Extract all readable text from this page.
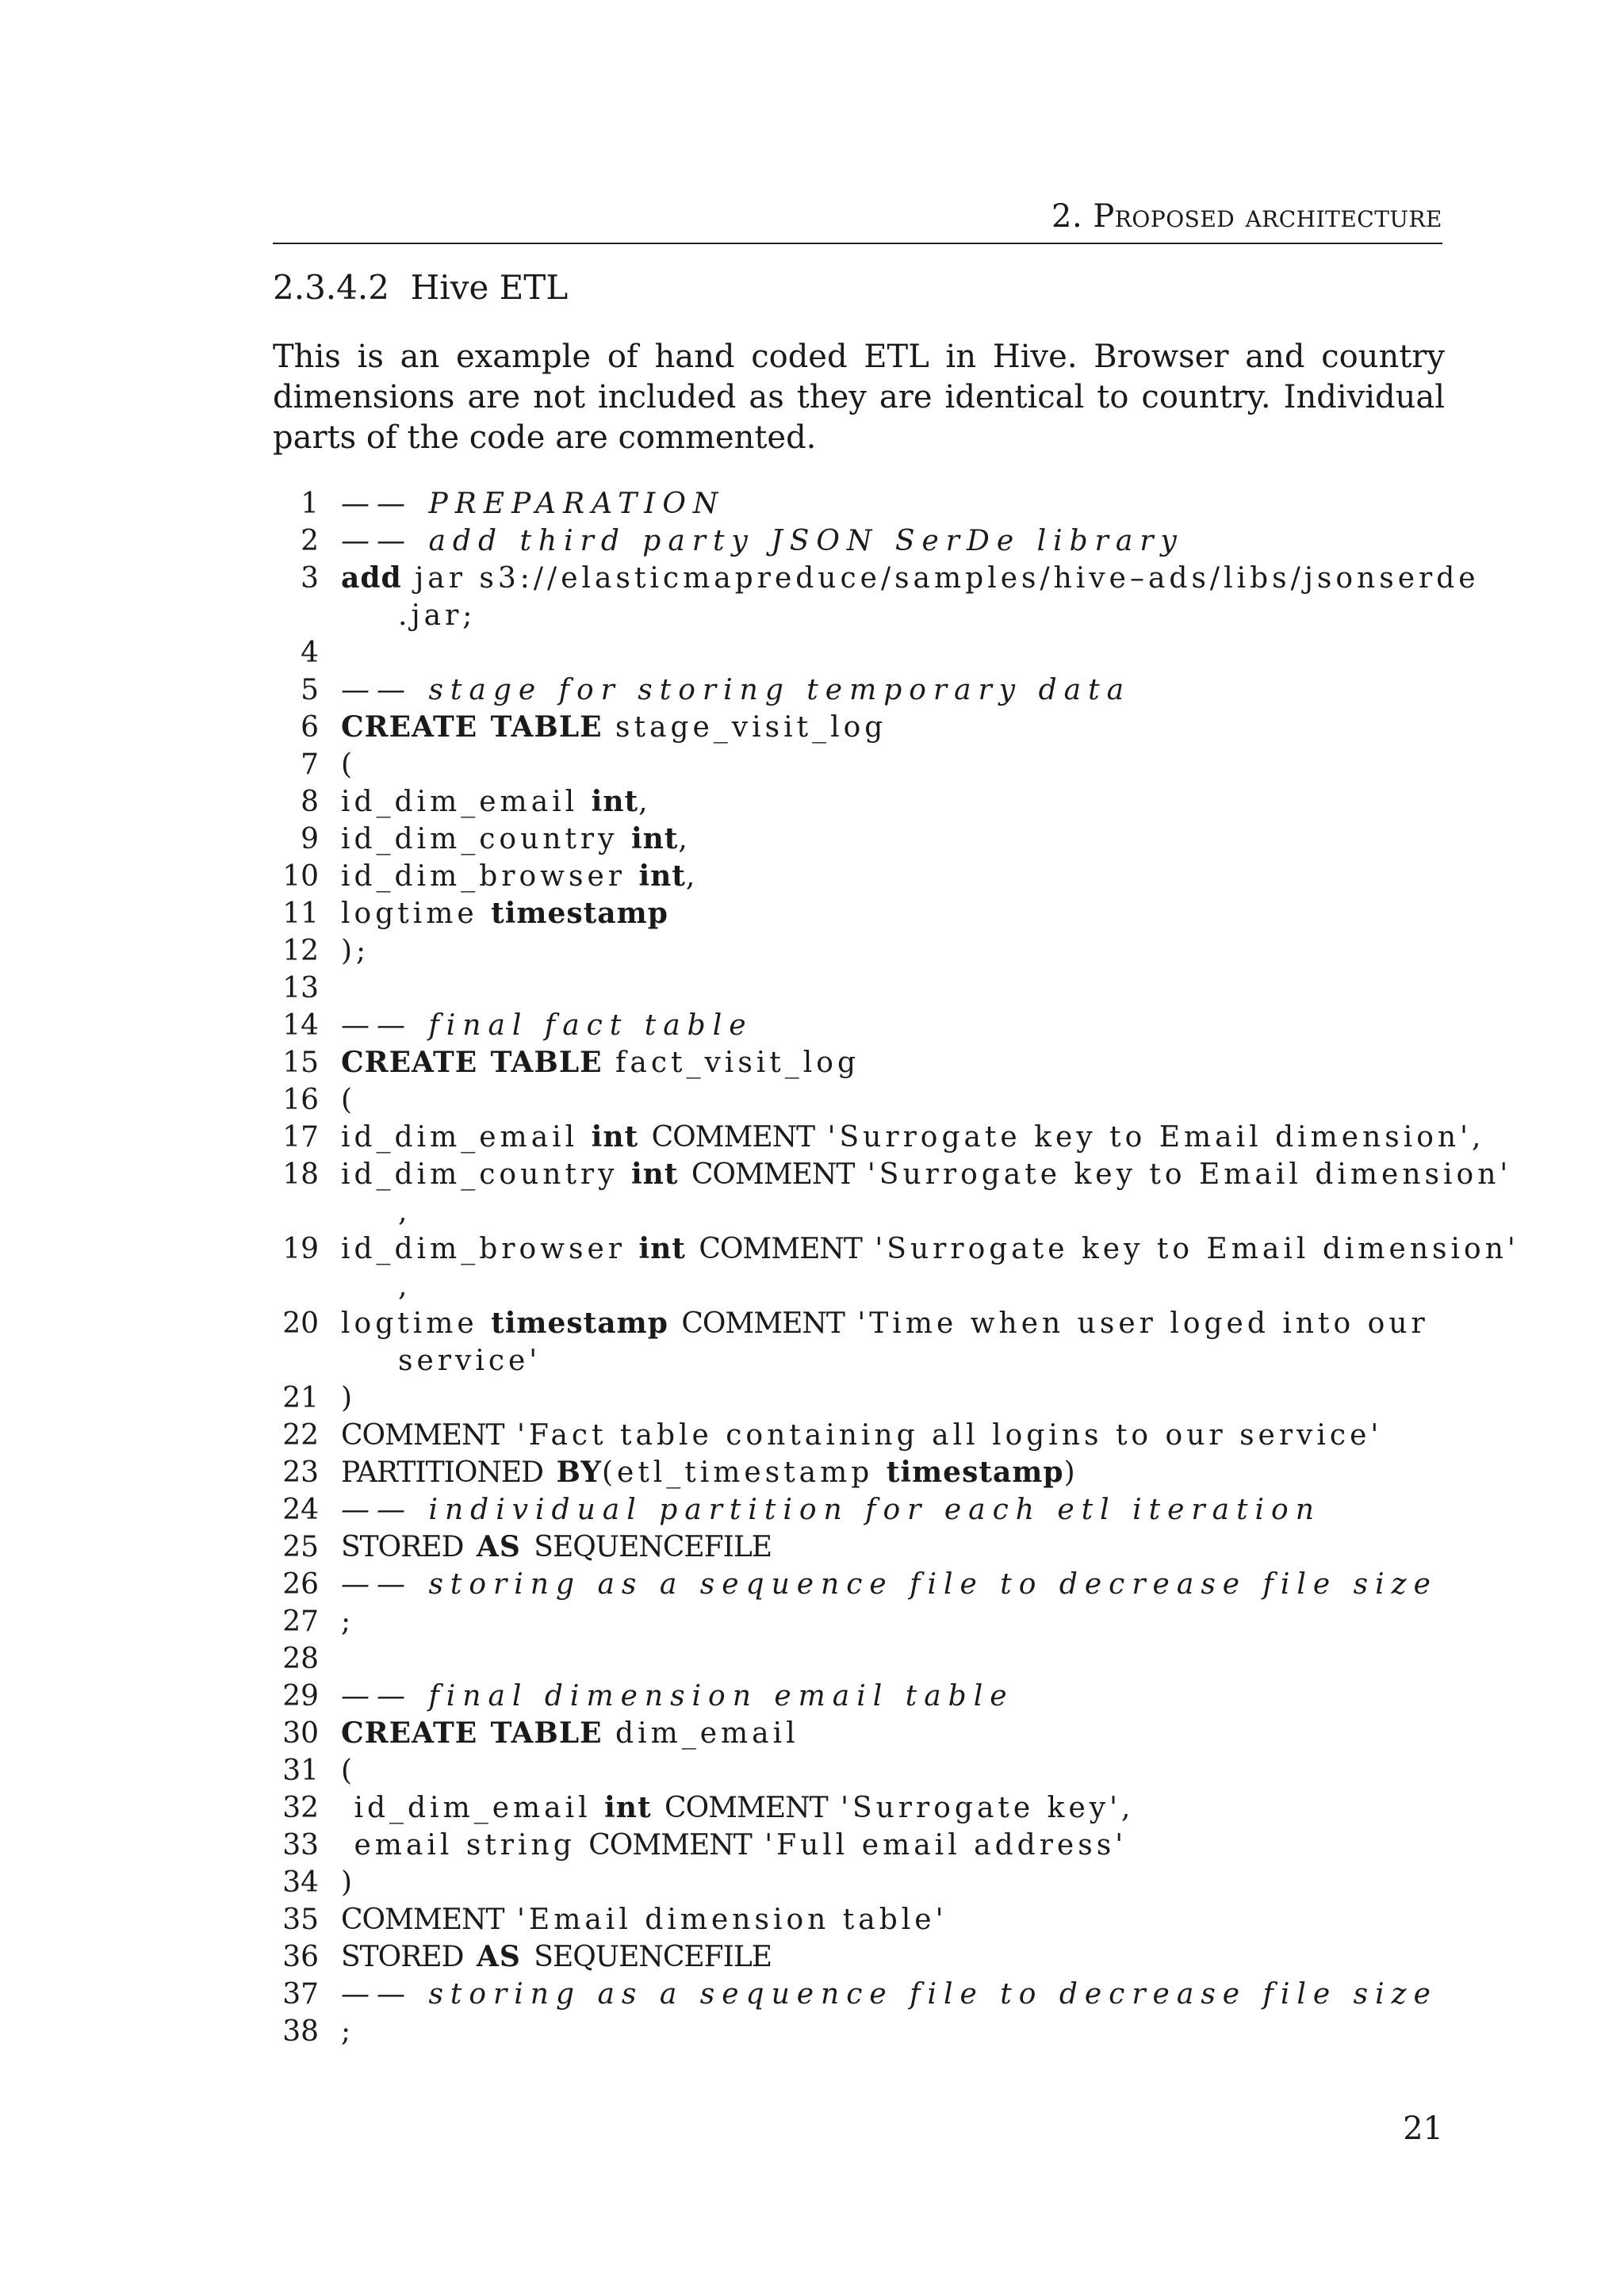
2. Proposed architecture
2.3.4.2 Hive ETL
This is an example of hand coded ETL in Hive. Browser and country dimensions are not included as they are identical to country. Individual parts of the code are commented.
1 —— PREPARATION
2 —— add third party JSON SerDe library
3 add jar s3://elasticmapreduce/samples/hive–ads/libs/jsonserde
.jar;
4
5 —— stage for storing temporary data
6 CREATE TABLE stage_visit_log
7 (
8 id_dim_email int,
9 id_dim_country int,
10 id_dim_browser int,
11 logtime timestamp
12 );
13
14 —— final fact table
15 CREATE TABLE fact_visit_log
16 (
17 id_dim_email int COMMENT 'Surrogate key to Email dimension',
18 id_dim_country int COMMENT 'Surrogate key to Email dimension'
,
19 id_dim_browser int COMMENT 'Surrogate key to Email dimension'
,
20 logtime timestamp COMMENT 'Time when user loged into our
service'
21 )
22 COMMENT 'Fact table containing all logins to our service'
23 PARTITIONED BY(etl_timestamp timestamp)
24 —— individual partition for each etl iteration
25 STORED AS SEQUENCEFILE
26 —— storing as a sequence file to decrease file size
27 ;
28
29 —— final dimension email table
30 CREATE TABLE dim_email
31 (
32	id_dim_email int COMMENT 'Surrogate key',
33	email string COMMENT 'Full email address'
34 )
35 COMMENT 'Email dimension table'
36 STORED AS SEQUENCEFILE
37 —— storing as a sequence file to decrease file size
38 ;
21
